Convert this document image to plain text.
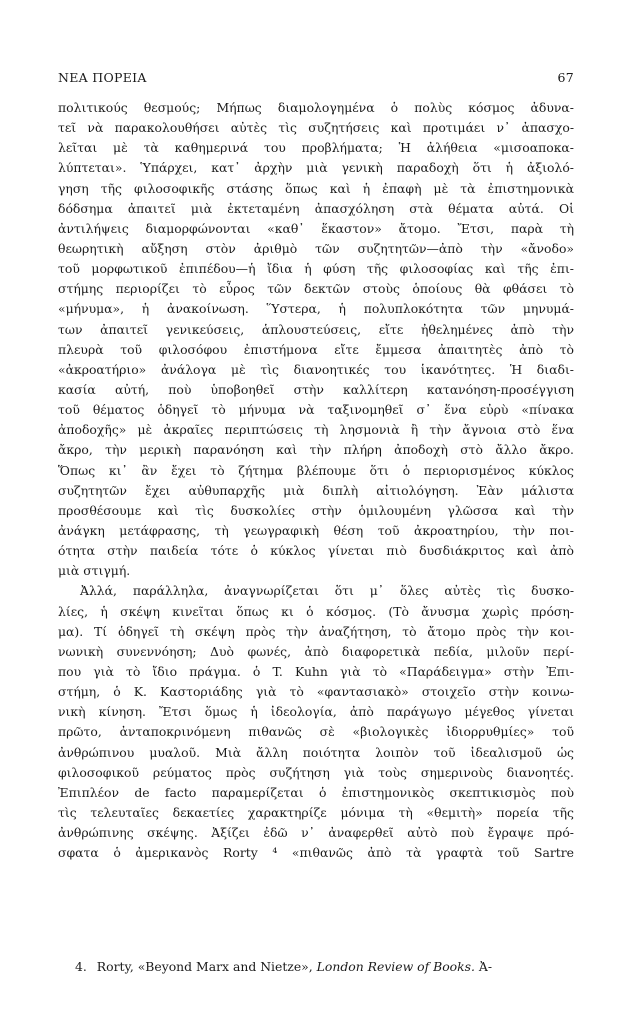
ΝΕΑ ΠΟΡΕΙΑ	67
πολιτικούς θεσμούς; Μήπως διαμολογημένα ὁ πολὺς κόσμος ἀδυνα-
τεῖ νὰ παρακολουθήσει αὐτὲς τὶς συζητήσεις καὶ προτιμάει ν᾽ ἀπασχο-
λεῖται μὲ τὰ καθημερινά του προβλήματα; Ἡ ἀλήθεια «μισοαποκα-
λύπτεται». Ὑπάρχει, κατ᾽ ἀρχὴν μιὰ γενικὴ παραδοχὴ ὅτι ἡ ἀξιολό-
γηση τῆς φιλοσοφικῆς στάσης ὅπως καὶ ἡ ἐπαφὴ μὲ τὰ ἐπιστημονικὰ
δόδσημα ἀπαιτεῖ μιὰ ἐκτεταμένη ἀπασχόληση στὰ θέματα αὐτά. Οἱ
ἀντιλήψεις διαμορφώνονται «καθ᾽ ἕκαστον» ἄτομο. Ἔτσι, παρὰ τὴ
θεωρητικὴ αὔξηση στὸν ἀριθμὸ τῶν συζητητῶν—ἀπὸ τὴν «ἄνοδο»
τοῦ μορφωτικοῦ ἐπιπέδου—ἡ ἴδια ἡ φύση τῆς φιλοσοφίας καὶ τῆς ἐπι-
στήμης περιορίζει τὸ εὖρος τῶν δεκτῶν στοὺς ὁποίους θὰ φθάσει τὸ
«μήνυμα», ἡ ἀνακοίνωση. Ὕστερα, ἡ πολυπλοκότητα τῶν μηνυμά-
των ἀπαιτεῖ γενικεύσεις, ἁπλουστεύσεις, εἴτε ἠθελημένες ἀπὸ τὴν
πλευρὰ τοῦ φιλοσόφου ἐπιστήμονα εἴτε ἔμμεσα ἀπαιτητὲς ἀπὸ τὸ
«ἀκροατήριο» ἀνάλογα μὲ τὶς διανοητικές του ἱκανότητες. Ἡ διαδι-
κασία αὐτή, ποὺ ὑποβοηθεῖ στὴν καλλίτερη κατανόηση-προσέγγιση
τοῦ θέματος ὁδηγεῖ τὸ μήνυμα νὰ ταξινομηθεῖ σ᾽ ἕνα εὐρὺ «πίνακα
ἀποδοχῆς» μὲ ἀκραῖες περιπτώσεις τὴ λησμονιὰ ἢ τὴν ἄγνοια στὸ ἕνα
ἄκρο, τὴν μερικὴ παρανόηση καὶ τὴν πλήρη ἀποδοχὴ στὸ ἄλλο ἄκρο.
Ὅπως κι᾽ ἂν ἔχει τὸ ζήτημα βλέπουμε ὅτι ὁ περιορισμένος κύκλος
συζητητῶν ἔχει αὐθυπαρχῆς μιὰ διπλὴ αἰτιολόγηση. Ἐὰν μάλιστα
προσθέσουμε καὶ τὶς δυσκολίες στὴν ὁμιλουμένη γλῶσσα καὶ τὴν
ἀνάγκη μετάφρασης, τὴ γεωγραφικὴ θέση τοῦ ἀκροατηρίου, τὴν ποι-
ότητα στὴν παιδεία τότε ὁ κύκλος γίνεται πιὸ δυσδιάκριτος καὶ ἀπὸ
μιὰ στιγμή.
Ἀλλά, παράλληλα, ἀναγνωρίζεται ὅτι μ᾽ ὅλες αὐτὲς τὶς δυσκο-
λίες, ἡ σκέψη κινεῖται ὅπως κι ὁ κόσμος. (Τὸ ἄνυσμα χωρὶς πρόση-
μα). Τί ὁδηγεῖ τὴ σκέψη πρὸς τὴν ἀναζήτηση, τὸ ἄτομο πρὸς τὴν κοι-
νωνικὴ συνεννόηση; Δυὸ φωνές, ἀπὸ διαφορετικὰ πεδία, μιλοῦν περί-
που γιὰ τὸ ἴδιο πράγμα. ὁ T. Kuhn γιὰ τὸ «Παράδειγμα» στὴν Ἐπι-
στήμη, ὁ Κ. Καστοριάδης γιὰ τὸ «φαντασιακὸ» στοιχεῖο στὴν κοινω-
νικὴ κίνηση. Ἔτσι ὅμως ἡ ἰδεολογία, ἀπὸ παράγωγο μέγεθος γίνεται
πρῶτο, ἀνταποκρινόμενη πιθανῶς σὲ «βιολογικὲς ἰδιορρυθμίες» τοῦ
ἀνθρώπινου μυαλοῦ. Μιὰ ἄλλη ποιότητα λοιπὸν τοῦ ἰδεαλισμοῦ ὡς
φιλοσοφικοῦ ρεύματος πρὸς συζήτηση γιὰ τοὺς σημερινοὺς διανοητές.
Ἐπιπλέον de facto παραμερίζεται ὁ ἐπιστημονικὸς σκεπτικισμὸς ποὺ
τὶς τελευταῖες δεκαετίες χαρακτηρίζε μόνιμα τὴ «θεμιτὴ» πορεία τῆς
ἀνθρώπινης σκέψης. Ἀξίζει ἐδῶ ν᾽ ἀναφερθεῖ αὐτὸ ποὺ ἔγραψε πρό-
σφατα ὁ ἀμερικανὸς Rorty ⁴ «πιθανῶς ἀπὸ τὰ γραφτὰ τοῦ Sartre
4. Rorty, «Beyond Marx and Nietze», London Review of Books. Ἀ-
